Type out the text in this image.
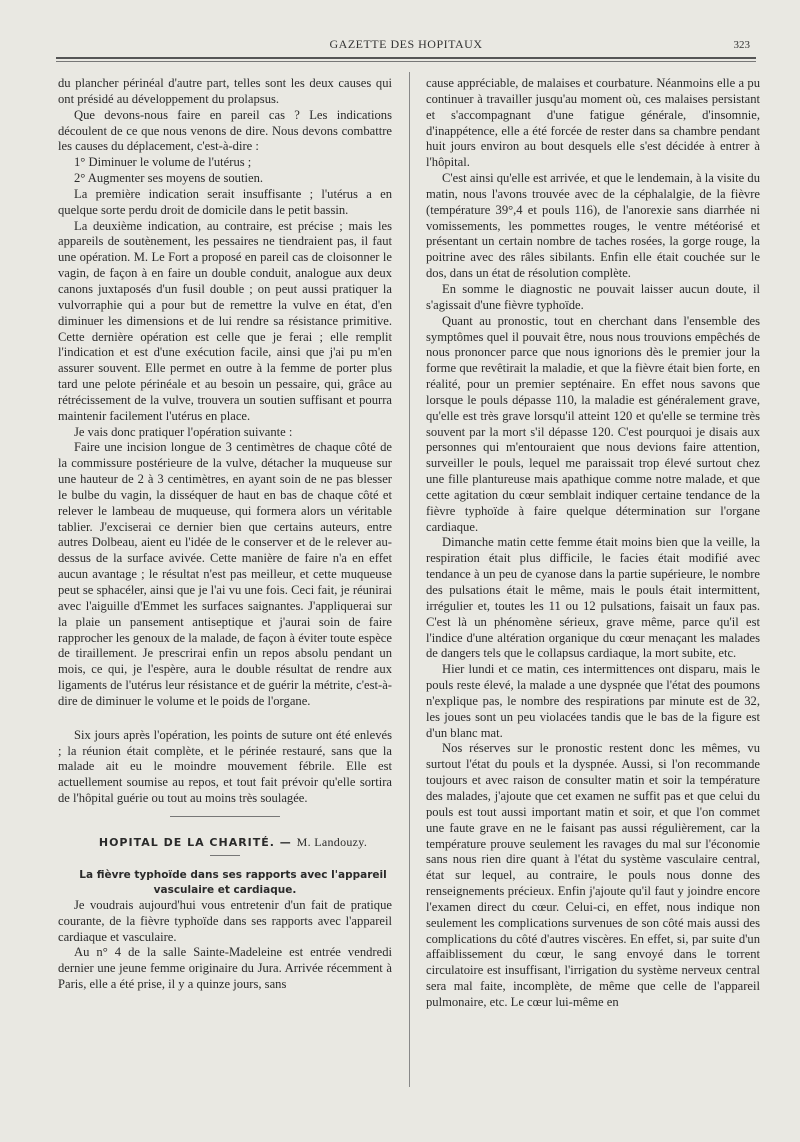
GAZETTE DES HOPITAUX	323

du plancher périnéal d'autre part, telles sont les deux causes qui ont présidé au développement du prolapsus.

Que devons-nous faire en pareil cas ? Les indications découlent de ce que nous venons de dire. Nous devons combattre les causes du déplacement, c'est-à-dire :

1° Diminuer le volume de l'utérus ;

2° Augmenter ses moyens de soutien.

La première indication serait insuffisante ; l'utérus a en quelque sorte perdu droit de domicile dans le petit bassin.

La deuxième indication, au contraire, est précise ; mais les appareils de soutènement, les pessaires ne tiendraient pas, il faut une opération. M. Le Fort a proposé en pareil cas de cloisonner le vagin, de façon à en faire un double conduit, analogue aux deux canons juxtaposés d'un fusil double ; on peut aussi pratiquer la vulvorraphie qui a pour but de remettre la vulve en état, d'en diminuer les dimensions et de lui rendre sa résistance primitive. Cette dernière opération est celle que je ferai ; elle remplit l'indication et est d'une exécution facile, ainsi que j'ai pu m'en assurer souvent. Elle permet en outre à la femme de porter plus tard une pelote périnéale et au besoin un pessaire, qui, grâce au rétrécissement de la vulve, trouvera un soutien suffisant et pourra maintenir facilement l'utérus en place.

Je vais donc pratiquer l'opération suivante :

Faire une incision longue de 3 centimètres de chaque côté de la commissure postérieure de la vulve, détacher la muqueuse sur une hauteur de 2 à 3 centimètres, en ayant soin de ne pas blesser le bulbe du vagin, la disséquer de haut en bas de chaque côté et relever le lambeau de muqueuse, qui formera alors un véritable tablier. J'exciserai ce dernier bien que certains auteurs, entre autres Dolbeau, aient eu l'idée de le conserver et de le relever au-dessus de la surface avivée. Cette manière de faire n'a en effet aucun avantage ; le résultat n'est pas meilleur, et cette muqueuse peut se sphacéler, ainsi que je l'ai vu une fois. Ceci fait, je réunirai avec l'aiguille d'Emmet les surfaces saignantes. J'appliquerai sur la plaie un pansement antiseptique et j'aurai soin de faire rapprocher les genoux de la malade, de façon à éviter toute espèce de tiraillement. Je prescrirai enfin un repos absolu pendant un mois, ce qui, je l'espère, aura le double résultat de rendre aux ligaments de l'utérus leur résistance et de guérir la métrite, c'est-à-dire de diminuer le volume et le poids de l'organe.

Six jours après l'opération, les points de suture ont été enlevés ; la réunion était complète, et le périnée restauré, sans que la malade ait eu le moindre mouvement fébrile. Elle est actuellement soumise au repos, et tout fait prévoir qu'elle sortira de l'hôpital guérie ou tout au moins très soulagée.

HOPITAL DE LA CHARITÉ. — M. Landouzy.

La fièvre typhoïde dans ses rapports avec l'appareil vasculaire et cardiaque.

Je voudrais aujourd'hui vous entretenir d'un fait de pratique courante, de la fièvre typhoïde dans ses rapports avec l'appareil cardiaque et vasculaire.

Au n° 4 de la salle Sainte-Madeleine est entrée vendredi dernier une jeune femme originaire du Jura. Arrivée récemment à Paris, elle a été prise, il y a quinze jours, sans

cause appréciable, de malaises et courbature. Néanmoins elle a pu continuer à travailler jusqu'au moment où, ces malaises persistant et s'accompagnant d'une fatigue générale, d'insomnie, d'inappétence, elle a été forcée de rester dans sa chambre pendant huit jours environ au bout desquels elle s'est décidée à entrer à l'hôpital.

C'est ainsi qu'elle est arrivée, et que le lendemain, à la visite du matin, nous l'avons trouvée avec de la céphalalgie, de la fièvre (température 39°,4 et pouls 116), de l'anorexie sans diarrhée ni vomissements, les pommettes rouges, le ventre météorisé et présentant un certain nombre de taches rosées, la gorge rouge, la poitrine avec des râles sibilants. Enfin elle était couchée sur le dos, dans un état de résolution complète.

En somme le diagnostic ne pouvait laisser aucun doute, il s'agissait d'une fièvre typhoïde.

Quant au pronostic, tout en cherchant dans l'ensemble des symptômes quel il pouvait être, nous nous trouvions empêchés de nous prononcer parce que nous ignorions dès le premier jour la forme que revêtirait la maladie, et que la fièvre était bien forte, en réalité, pour un premier septénaire. En effet nous savons que lorsque le pouls dépasse 110, la maladie est généralement grave, qu'elle est très grave lorsqu'il atteint 120 et qu'elle se termine très souvent par la mort s'il dépasse 120. C'est pourquoi je disais aux personnes qui m'entouraient que nous devions faire attention, surveiller le pouls, lequel me paraissait trop élevé surtout chez une fille plantureuse mais apathique comme notre malade, et que cette agitation du cœur semblait indiquer certaine tendance de la fièvre typhoïde à faire quelque détermination sur l'organe cardiaque.

Dimanche matin cette femme était moins bien que la veille, la respiration était plus difficile, le facies était modifié avec tendance à un peu de cyanose dans la partie supérieure, le nombre des pulsations était le même, mais le pouls était intermittent, irrégulier et, toutes les 11 ou 12 pulsations, faisait un faux pas. C'est là un phénomène sérieux, grave même, parce qu'il est l'indice d'une altération organique du cœur menaçant les malades de dangers tels que le collapsus cardiaque, la mort subite, etc.

Hier lundi et ce matin, ces intermittences ont disparu, mais le pouls reste élevé, la malade a une dyspnée que l'état des poumons n'explique pas, le nombre des respirations par minute est de 32, les joues sont un peu violacées tandis que le bas de la figure est d'un blanc mat.

Nos réserves sur le pronostic restent donc les mêmes, vu surtout l'état du pouls et la dyspnée. Aussi, si l'on recommande toujours et avec raison de consulter matin et soir la température des malades, j'ajoute que cet examen ne suffit pas et que celui du pouls est tout aussi important matin et soir, et que l'on commet une faute grave en ne le faisant pas aussi régulièrement, car la température prouve seulement les ravages du mal sur l'économie sans nous rien dire quant à l'état du système vasculaire central, état sur lequel, au contraire, le pouls nous donne des renseignements précieux. Enfin j'ajoute qu'il faut y joindre encore l'examen direct du cœur. Celui-ci, en effet, nous indique non seulement les complications survenues de son côté mais aussi des complications du côté d'autres viscères. En effet, si, par suite d'un affaiblissement du cœur, le sang envoyé dans le torrent circulatoire est insuffisant, l'irrigation du système nerveux central sera mal faite, incomplète, de même que celle de l'appareil pulmonaire, etc. Le cœur lui-même en
